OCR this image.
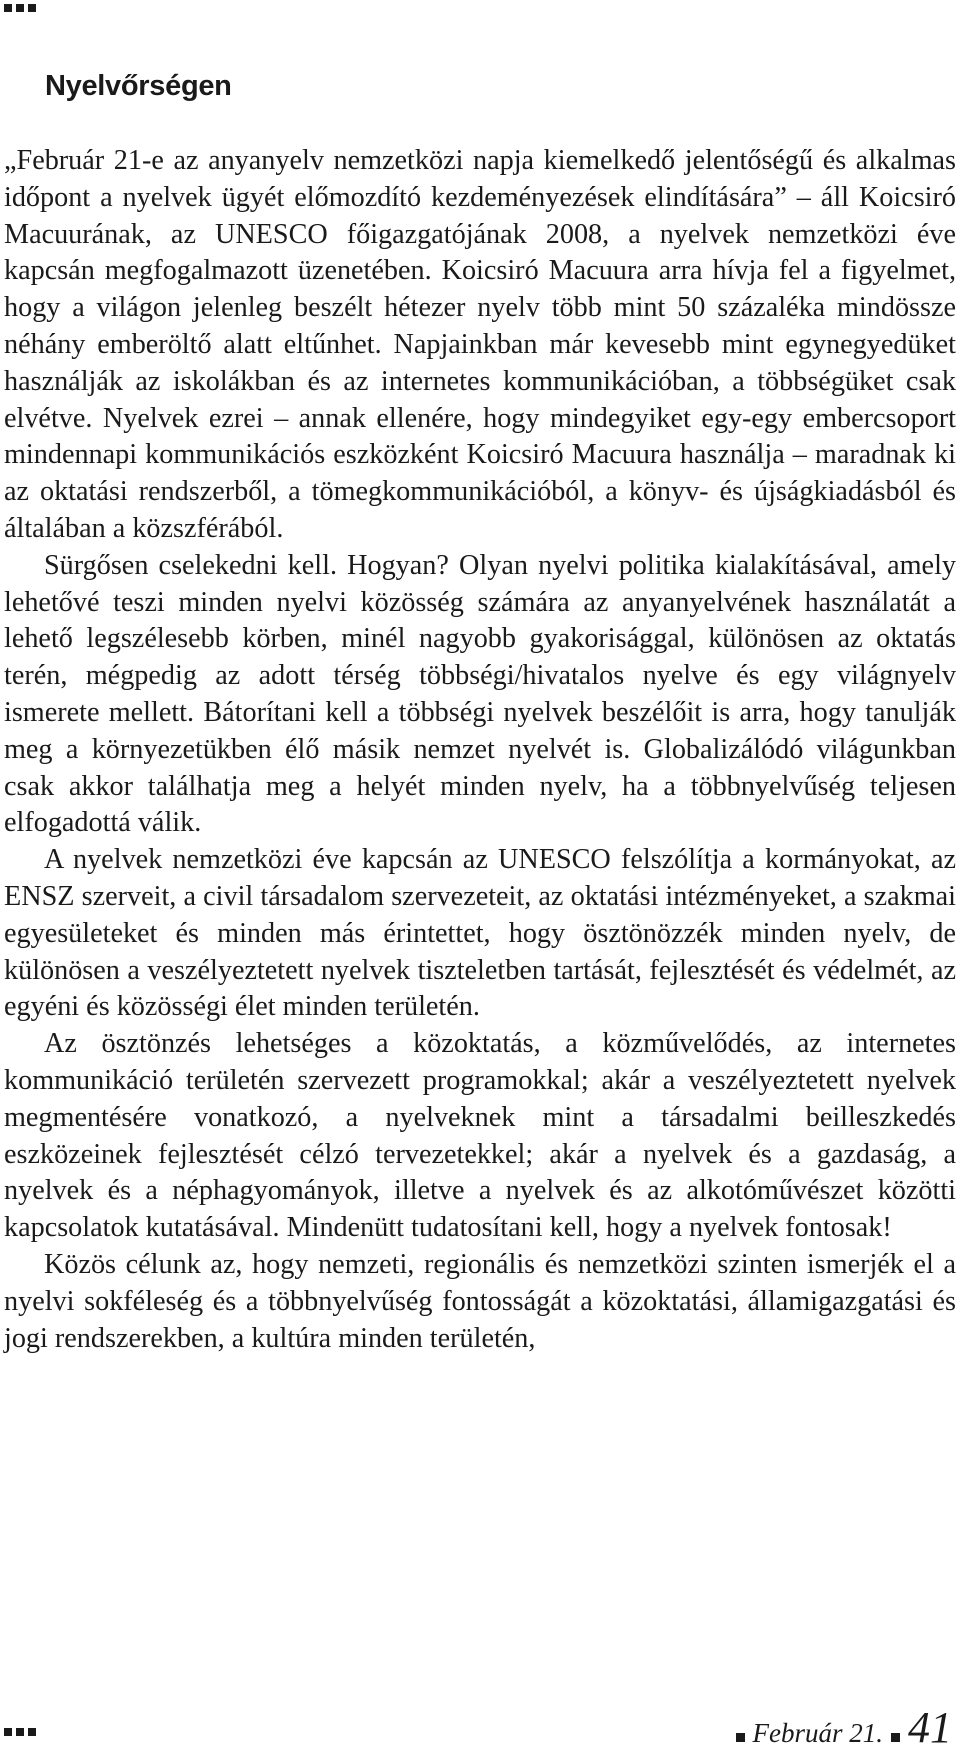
Nyelvőrségen

„Február 21-e az anyanyelv nemzetközi napja kiemelkedő jelentőségű és alkalmas időpont a nyelvek ügyét előmozdító kezdeményezések elindítására” – áll Koicsiró Macuurának, az UNESCO főigazgatójának 2008, a nyelvek nemzetközi éve kapcsán megfogalmazott üzenetében. Koicsiró Macuura arra hívja fel a figyelmet, hogy a világon jelenleg beszélt hétezer nyelv több mint 50 százaléka mindössze néhány emberöltő alatt eltűnhet. Napjainkban már kevesebb mint egynegyedüket használják az iskolákban és az internetes kommunikációban, a többségüket csak elvétve. Nyelvek ezrei – annak ellenére, hogy mindegyiket egy-egy embercsoport mindennapi kommunikációs eszközként Koicsiró Macuura használja – maradnak ki az oktatási rendszerből, a tömegkommunikációból, a könyv- és újságkiadásból és általában a közszférából.

Sürgősen cselekedni kell. Hogyan? Olyan nyelvi politika kialakításával, amely lehetővé teszi minden nyelvi közösség számára az anyanyelvének használatát a lehető legszélesebb körben, minél nagyobb gyakorisággal, különösen az oktatás terén, mégpedig az adott térség többségi/hivatalos nyelve és egy világnyelv ismerete mellett. Bátorítani kell a többségi nyelvek beszélőit is arra, hogy tanulják meg a környezetükben élő másik nemzet nyelvét is. Globalizálódó világunkban csak akkor találhatja meg a helyét minden nyelv, ha a többnyelvűség teljesen elfogadottá válik.

A nyelvek nemzetközi éve kapcsán az UNESCO felszólítja a kormányokat, az ENSZ szerveit, a civil társadalom szervezeteit, az oktatási intézményeket, a szakmai egyesületeket és minden más érintettet, hogy ösztönözzék minden nyelv, de különösen a veszélyeztetett nyelvek tiszteletben tartását, fejlesztését és védelmét, az egyéni és közösségi élet minden területén.

Az ösztönzés lehetséges a közoktatás, a közművelődés, az internetes kommunikáció területén szervezett programokkal; akár a veszélyeztetett nyelvek megmentésére vonatkozó, a nyelveknek mint a társadalmi beilleszkedés eszközeinek fejlesztését célzó tervezetekkel; akár a nyelvek és a gazdaság, a nyelvek és a néphagyományok, illetve a nyelvek és az alkotóművészet közötti kapcsolatok kutatásával. Mindenütt tudatosítani kell, hogy a nyelvek fontosak!

Közös célunk az, hogy nemzeti, regionális és nemzetközi szinten ismerjék el a nyelvi sokféleség és a többnyelvűség fontosságát a közoktatási, államigazgatási és jogi rendszerekben, a kultúra minden területén,

Február 21. 41
